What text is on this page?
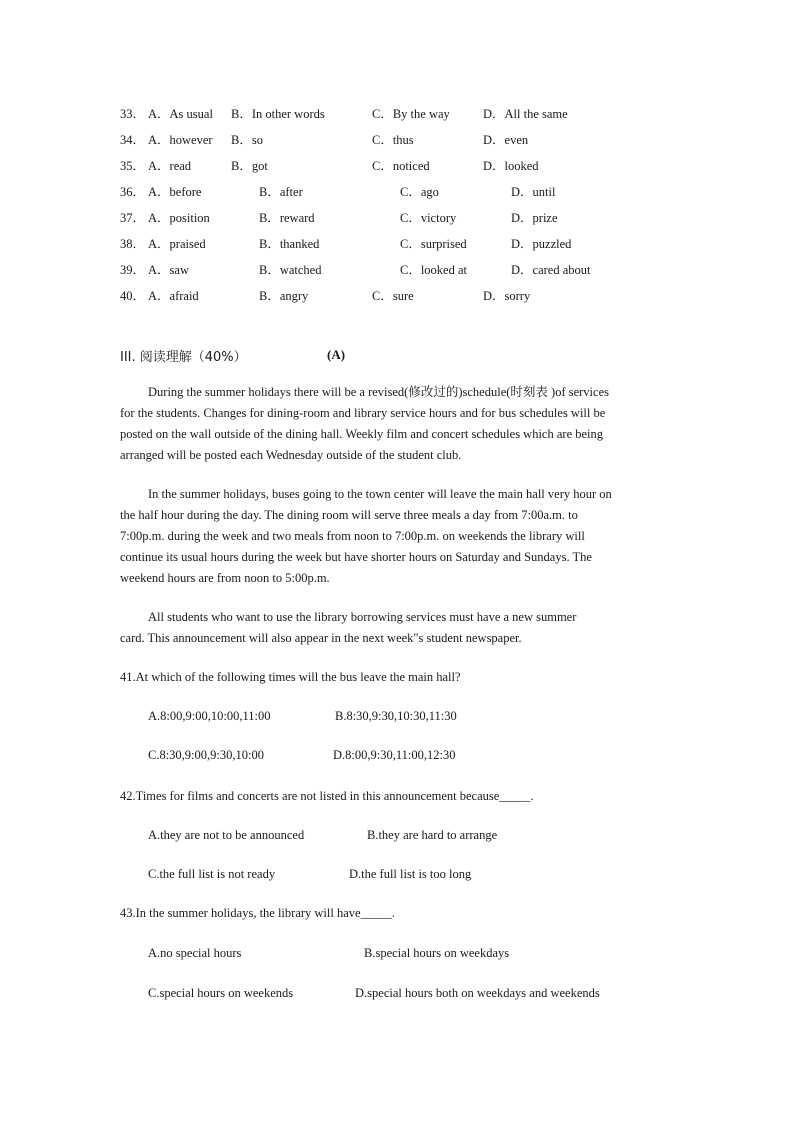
33． A．As usual B．In other words	C．By the way	D．All the same
34． A．however B．so	C．thus	D．even
35． A．read	B．got	C．noticed	D．looked
36． A．before	B．after	C．ago	D．until
37． A．position	B．reward	C．victory	D．prize
38． A．praised	B．thanked	C．surprised	D．puzzled
39． A．saw	B．watched	C．looked at	D．cared about
40． A．afraid	B．angry	C．sure	D．sorry
III. 阅读理解（40%）	(A)
During the summer holidays there will be a revised(修改过的)schedule(时刻表 )of services
for the students. Changes for dining-room and library service hours and for bus schedules will be
posted on the wall outside of the dining hall. Weekly film and concert schedules which are being
arranged will be posted each Wednesday outside of the student club.
In the summer holidays, buses going to the town center will leave the main hall very hour on
the half hour during the day. The dining room will serve three meals a day from 7:00a.m. to
7:00p.m. during the week and two meals from noon to 7:00p.m. on weekends the library will
continue its usual hours during the week but have shorter hours on Saturday and Sundays. The
weekend hours are from noon to 5:00p.m.
All students who want to use the library borrowing services must have a new summer
card. This announcement will also appear in the next week"s student newspaper.
41.At which of the following times will the bus leave the main hall?
A.8:00,9:00,10:00,11:00	B.8:30,9:30,10:30,11:30
C.8:30,9:00,9:30,10:00	D.8:00,9:30,11:00,12:30
42.Times for films and concerts are not listed in this announcement because_____.
A.they are not to be announced	B.they are hard to arrange
C.the full list is not ready	D.the full list is too long
43.In the summer holidays, the library will have_____.
A.no special hours	B.special hours on weekdays
C.special hours on weekends	D.special hours both on weekdays and weekends
